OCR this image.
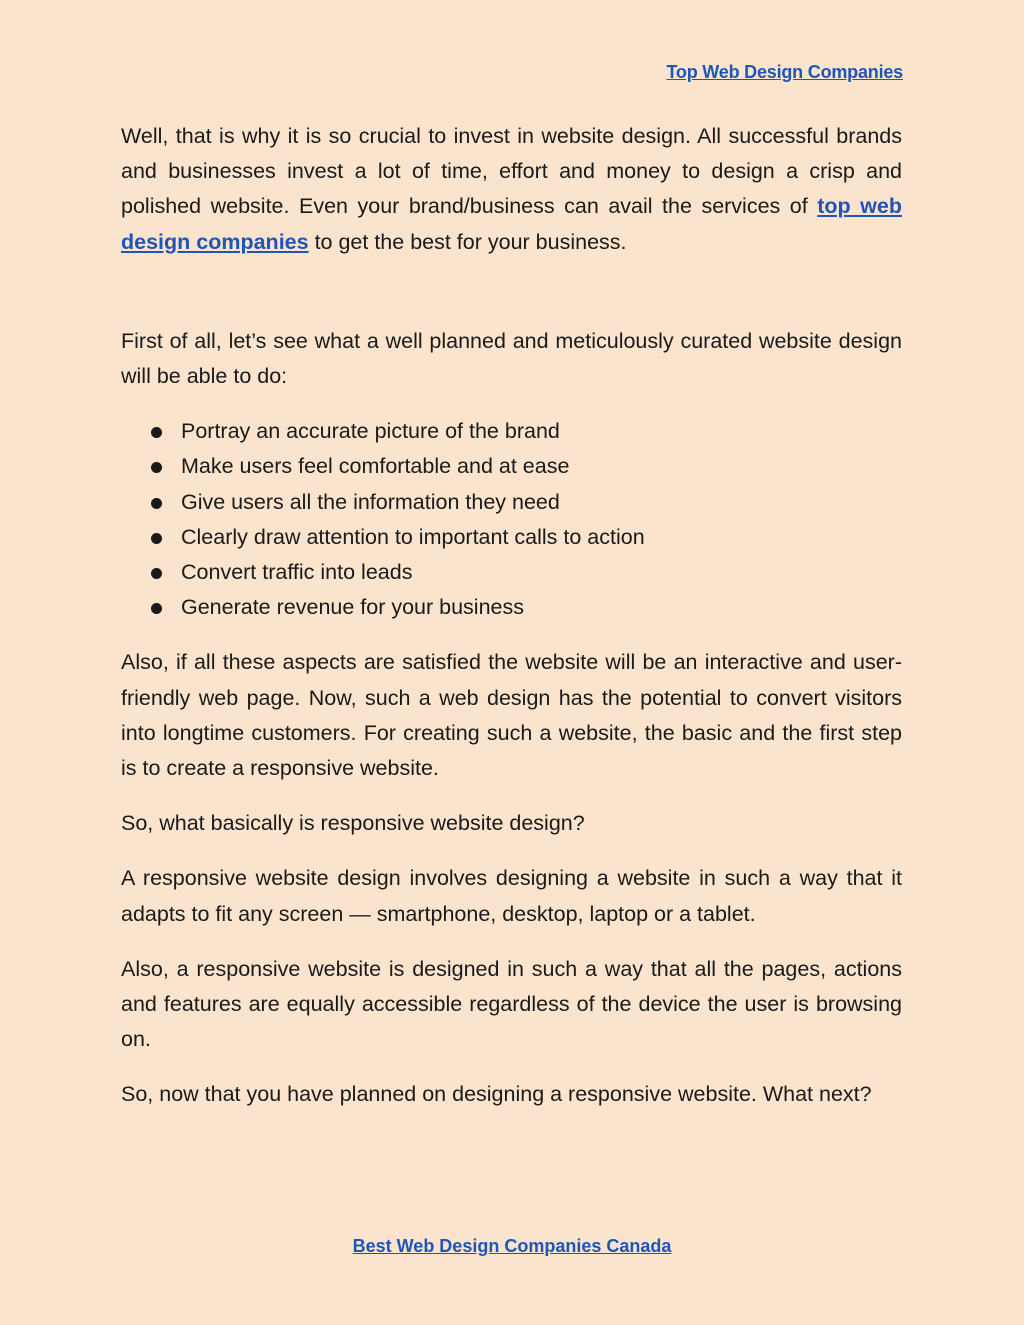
Top Web Design Companies

Well, that is why it is so crucial to invest in website design. All successful brands and businesses invest a lot of time, effort and money to design a crisp and polished website. Even your brand/business can avail the services of top web design companies to get the best for your business.

First of all, let’s see what a well planned and meticulously curated website design will be able to do:

Portray an accurate picture of the brand
Make users feel comfortable and at ease
Give users all the information they need
Clearly draw attention to important calls to action
Convert traffic into leads
Generate revenue for your business

Also, if all these aspects are satisfied the website will be an interactive and user-friendly web page. Now, such a web design has the potential to convert visitors into longtime customers. For creating such a website, the basic and the first step is to create a responsive website.

So, what basically is responsive website design?

A responsive website design involves designing a website in such a way that it adapts to fit any screen — smartphone, desktop, laptop or a tablet.

Also, a responsive website is designed in such a way that all the pages, actions and features are equally accessible regardless of the device the user is browsing on.

So, now that you have planned on designing a responsive website. What next?

Best Web Design Companies Canada
